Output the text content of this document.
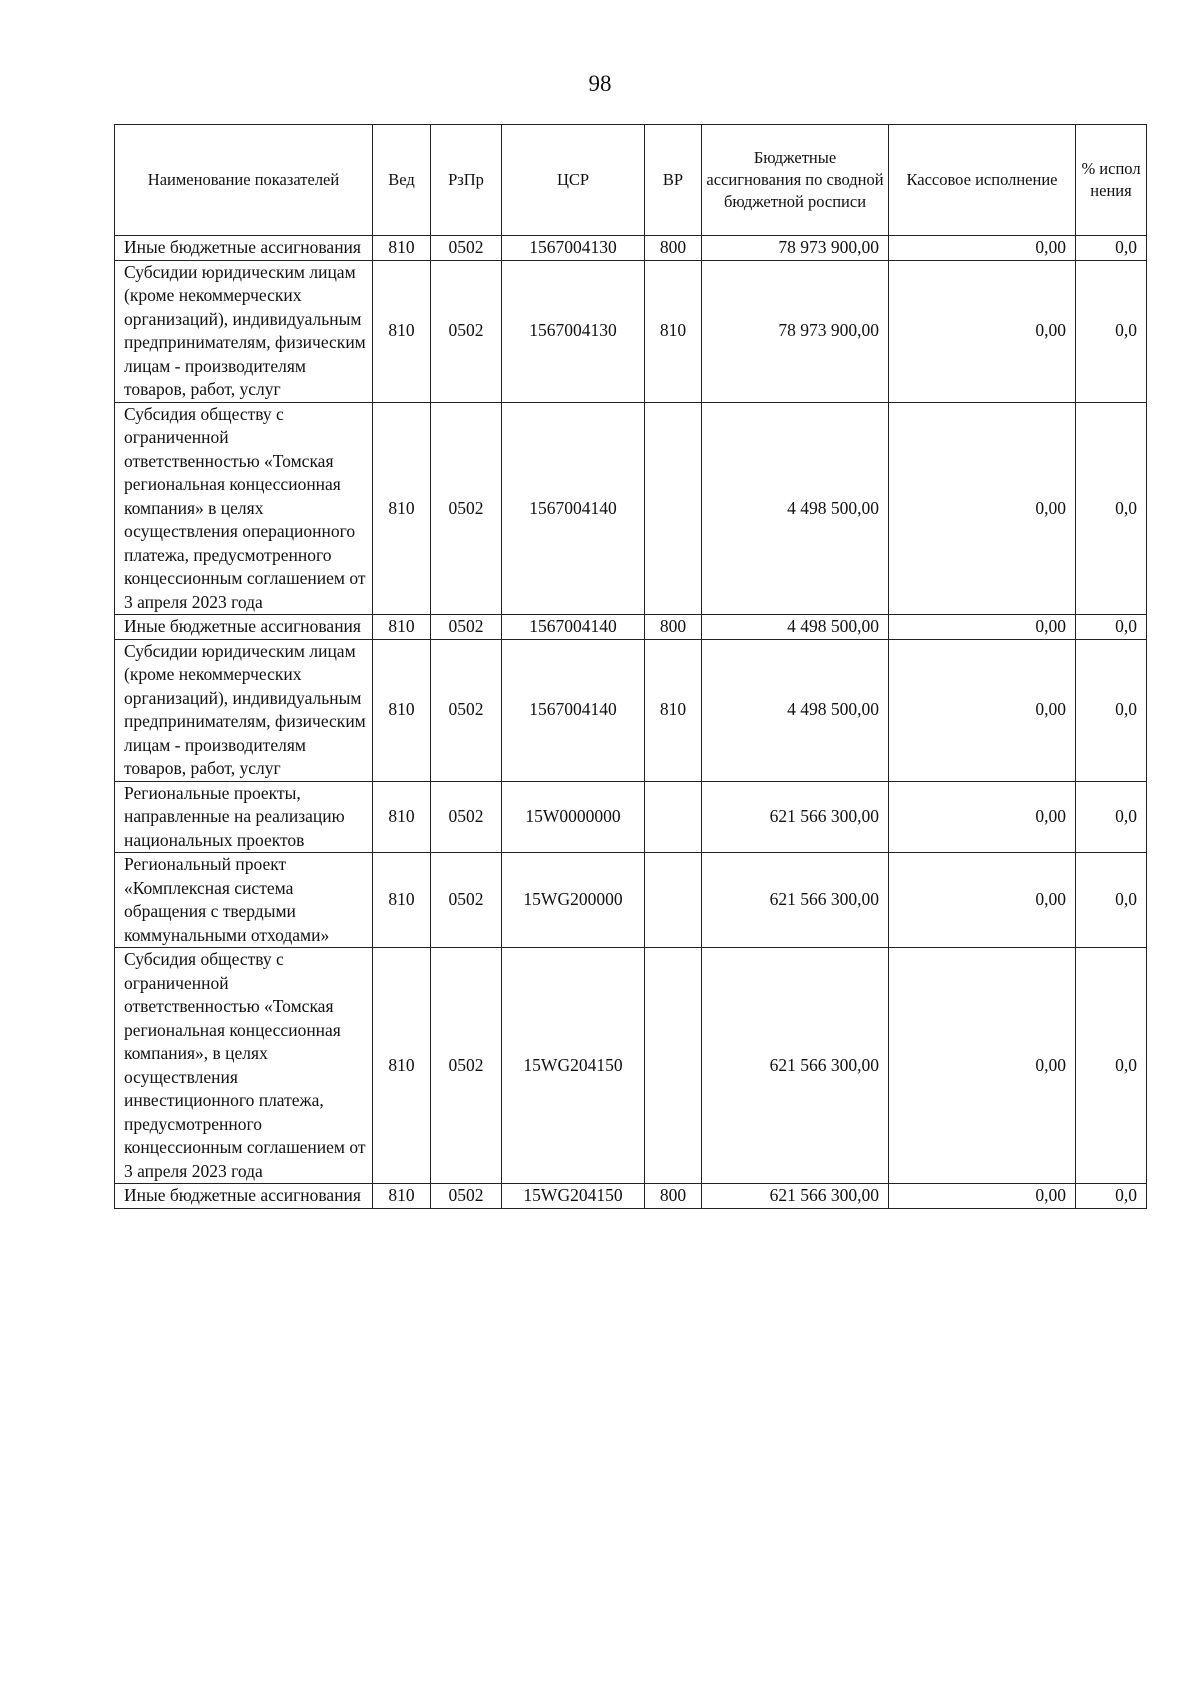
98
Наименование показателей	Вед	РзПр	ЦСР	ВР	Бюджетные ассигнования по сводной бюджетной росписи	Кассовое исполнение	% испол нения
Иные бюджетные ассигнования	810	0502	1567004130	800	78 973 900,00	0,00	0,0
Субсидии юридическим лицам (кроме некоммерческих организаций), индивидуальным предпринимателям, физическим лицам - производителям товаров, работ, услуг	810	0502	1567004130	810	78 973 900,00	0,00	0,0
Субсидия обществу с ограниченной ответственностью «Томская региональная концессионная компания» в целях осуществления операционного платежа, предусмотренного концессионным соглашением от 3 апреля 2023 года	810	0502	1567004140		4 498 500,00	0,00	0,0
Иные бюджетные ассигнования	810	0502	1567004140	800	4 498 500,00	0,00	0,0
Субсидии юридическим лицам (кроме некоммерческих организаций), индивидуальным предпринимателям, физическим лицам - производителям товаров, работ, услуг	810	0502	1567004140	810	4 498 500,00	0,00	0,0
Региональные проекты, направленные на реализацию национальных проектов	810	0502	15W0000000		621 566 300,00	0,00	0,0
Региональный проект «Комплексная система обращения с твердыми коммунальными отходами»	810	0502	15WG200000		621 566 300,00	0,00	0,0
Субсидия обществу с ограниченной ответственностью «Томская региональная концессионная компания», в целях осуществления инвестиционного платежа, предусмотренного концессионным соглашением от 3 апреля 2023 года	810	0502	15WG204150		621 566 300,00	0,00	0,0
Иные бюджетные ассигнования	810	0502	15WG204150	800	621 566 300,00	0,00	0,0
